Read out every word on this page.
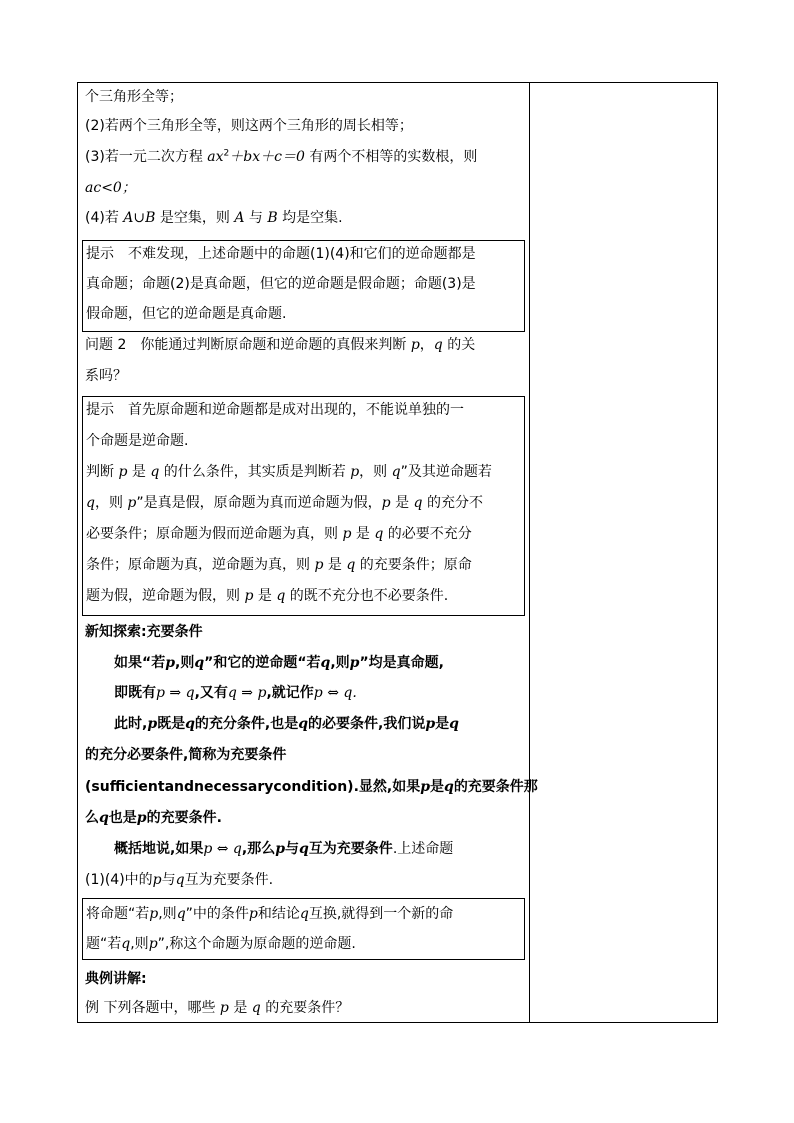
个三角形全等；
(2)若两个三角形全等，则这两个三角形的周长相等；
(3)若一元二次方程 $ax^2+bx+c=0$ 有两个不相等的实数根，则
ac<0；
(4)若 A∪B 是空集，则 A 与 B 均是空集.
提示　不难发现，上述命题中的命题(1)(4)和它们的逆命题都是
真命题；命题(2)是真命题，但它的逆命题是假命题；命题(3)是
假命题，但它的逆命题是真命题.
问题 2　你能通过判断原命题和逆命题的真假来判断 p，q 的关
系吗？
提示　首先原命题和逆命题都是成对出现的，不能说单独的一
个命题是逆命题.
判断 p 是 q 的什么条件，其实质是判断若 p，则 q”及其逆命题若
q，则 p”是真是假，原命题为真而逆命题为假，p 是 q 的充分不
必要条件；原命题为假而逆命题为真，则 p 是 q 的必要不充分
条件；原命题为真，逆命题为真，则 p 是 q 的充要条件；原命
题为假，逆命题为假，则 p 是 q 的既不充分也不必要条件.
新知探索:充要条件
如果“若p,则q”和它的逆命题“若q,则p”均是真命题,
即既有p ⇒ q,又有q ⇒ p,就记作p ⇔ q.
此时,p既是q的充分条件,也是q的必要条件,我们说p是q
的充分必要条件,简称为充要条件
(sufficientandnecessarycondition).显然,如果p是q的充要条件那
么q也是p的充要条件.
概括地说,如果p ⇔ q,那么p与q互为充要条件.上述命题
(1)(4)中的p与q互为充要条件.
将命题“若p,则q”中的条件p和结论q互换,就得到一个新的命
题“若q,则p”,称这个命题为原命题的逆命题.
典例讲解:
例 下列各题中，哪些 p 是 q 的充要条件？
